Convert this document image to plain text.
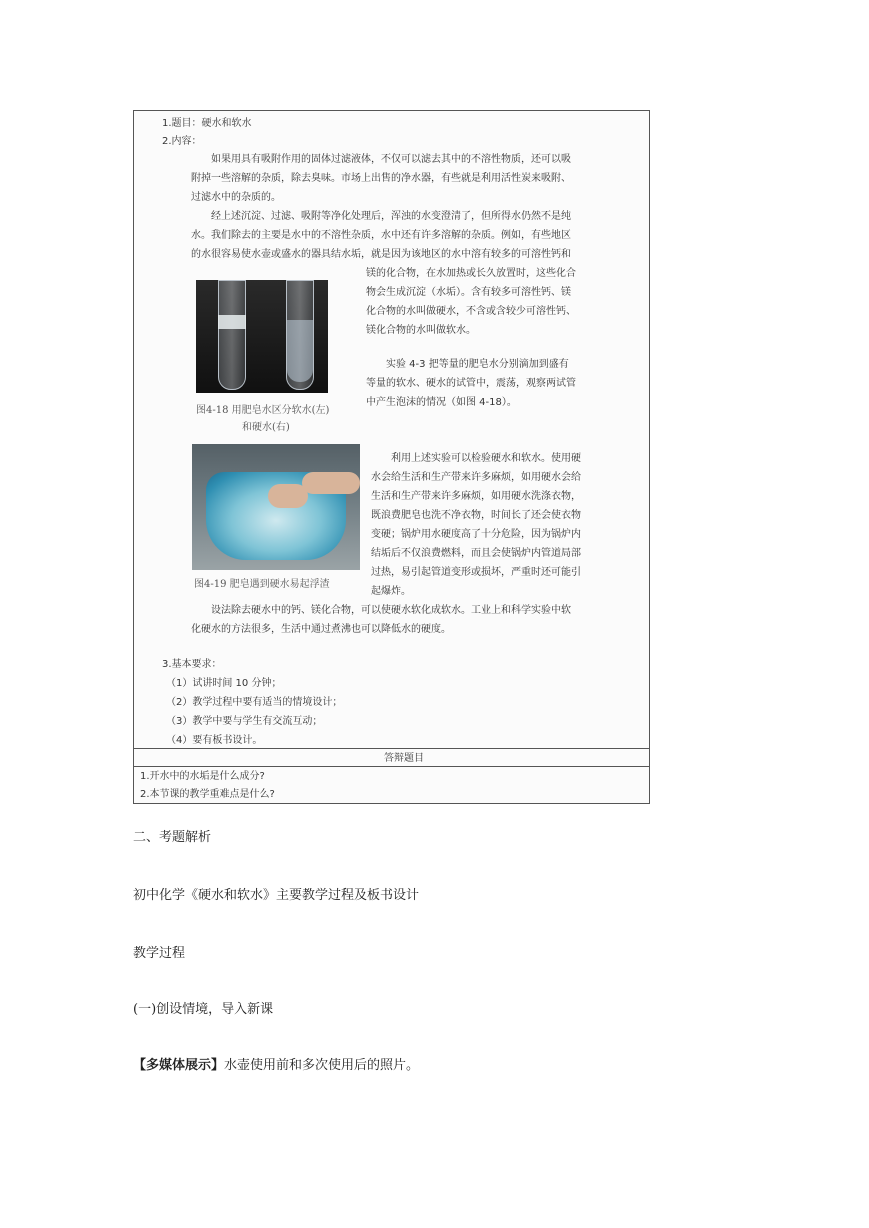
1.题目：硬水和软水
2.内容：
如果用具有吸附作用的固体过滤液体，不仅可以滤去其中的不溶性物质，还可以吸
附掉一些溶解的杂质，除去臭味。市场上出售的净水器，有些就是利用活性炭来吸附、
过滤水中的杂质的。
经上述沉淀、过滤、吸附等净化处理后，浑浊的水变澄清了，但所得水仍然不是纯
水。我们除去的主要是水中的不溶性杂质，水中还有许多溶解的杂质。例如，有些地区
的水很容易使水壶或盛水的器具结水垢，就是因为该地区的水中溶有较多的可溶性钙和
图4-18 用肥皂水区分软水(左)
和硬水(右)
镁的化合物，在水加热或长久放置时，这些化合
物会生成沉淀（水垢）。含有较多可溶性钙、镁
化合物的水叫做硬水，不含或含较少可溶性钙、
镁化合物的水叫做软水。
实验 4-3 把等量的肥皂水分别滴加到盛有
等量的软水、硬水的试管中，震荡，观察两试管
中产生泡沫的情况（如图 4-18）。
图4-19 肥皂遇到硬水易起浮渣
利用上述实验可以检验硬水和软水。使用硬
水会给生活和生产带来许多麻烦，如用硬水会给
生活和生产带来许多麻烦，如用硬水洗涤衣物，
既浪费肥皂也洗不净衣物，时间长了还会使衣物
变硬；锅炉用水硬度高了十分危险，因为锅炉内
结垢后不仅浪费燃料，而且会使锅炉内管道局部
过热，易引起管道变形或损坏，严重时还可能引
起爆炸。
设法除去硬水中的钙、镁化合物，可以使硬水软化成软水。工业上和科学实验中软
化硬水的方法很多，生活中通过煮沸也可以降低水的硬度。
3.基本要求：
（1）试讲时间 10 分钟；
（2）教学过程中要有适当的情境设计；
（3）教学中要与学生有交流互动；
（4）要有板书设计。
答辩题目
1.开水中的水垢是什么成分?
2.本节课的教学重难点是什么?
二、考题解析
初中化学《硬水和软水》主要教学过程及板书设计
教学过程
(一)创设情境，导入新课
【多媒体展示】水壶使用前和多次使用后的照片。
